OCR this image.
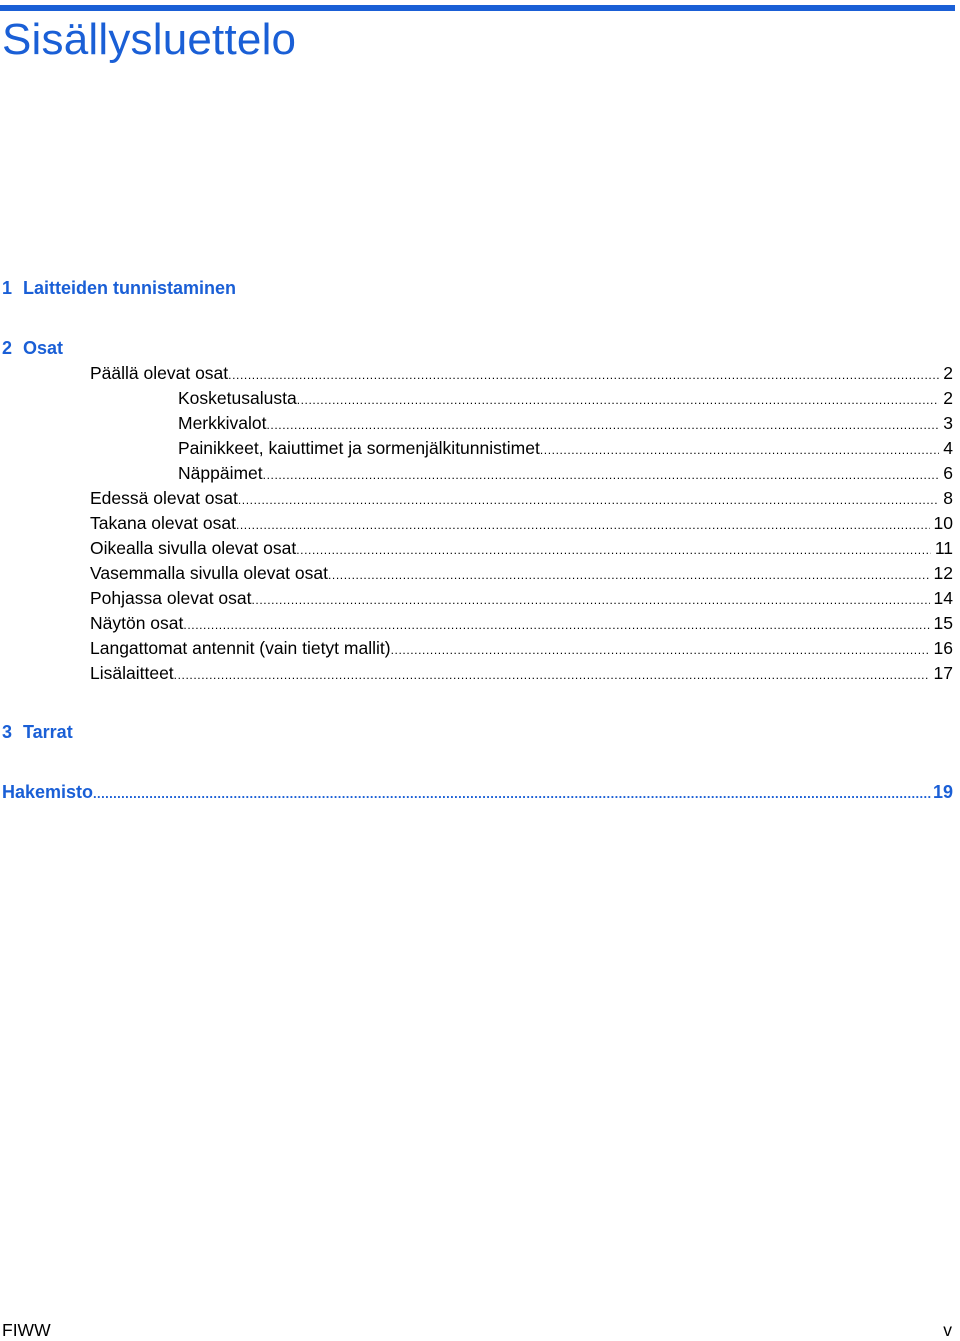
Sisällysluettelo
1 Laitteiden tunnistaminen
2 Osat
Päällä olevat osat .....	2
Kosketusalusta .....	2
Merkkivalot .....	3
Painikkeet, kaiuttimet ja sormenjälkitunnistimet .....	4
Näppäimet .....	6
Edessä olevat osat .....	8
Takana olevat osat .....	10
Oikealla sivulla olevat osat .....	11
Vasemmalla sivulla olevat osat .....	12
Pohjassa olevat osat .....	14
Näytön osat .....	15
Langattomat antennit (vain tietyt mallit) .....	16
Lisälaitteet .....	17
3 Tarrat
Hakemisto .....	19
FIWW	v
